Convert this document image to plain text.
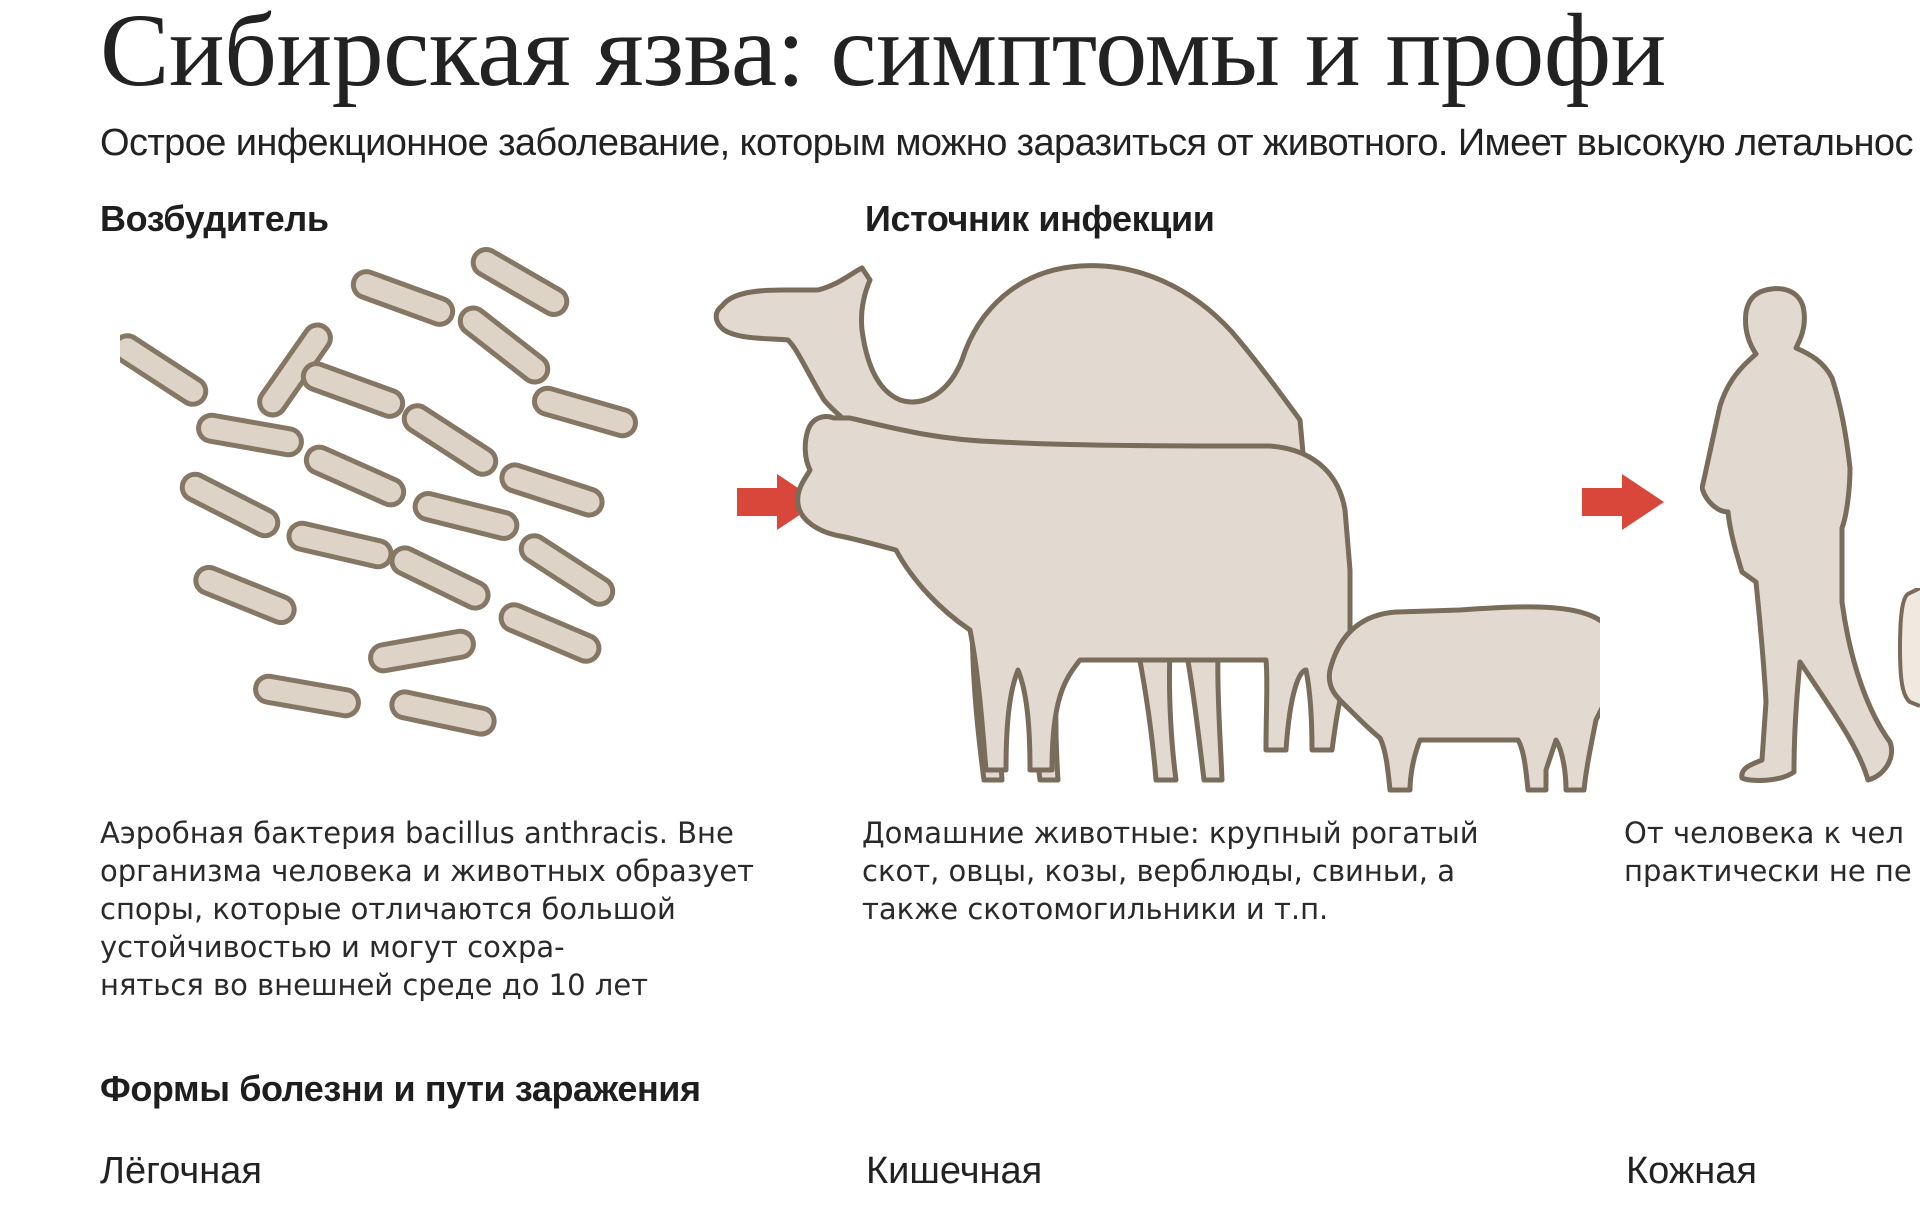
Сибирская язва: симптомы и профи

Острое инфекционное заболевание, которым можно заразиться от животного. Имеет высокую летальнос

Возбудитель	Источник инфекции

Аэробная бактерия bacillus anthracis. Вне организма человека и животных образует споры, которые отличаются большой устойчивостью и могут сохра-
няться во внешней среде до 10 лет

Домашние животные: крупный рогатый скот, овцы, козы, верблюды, свиньи, а также скотомогильники и т.п.

От человека к чел
практически не пе

Формы болезни и пути заражения

Лёгочная	Кишечная	Кожная
